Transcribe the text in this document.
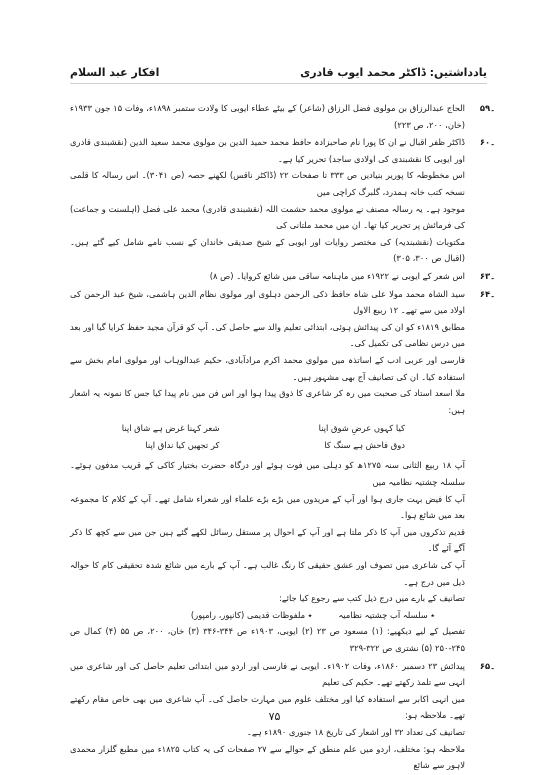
یادداشتیں: ڈاکٹر محمد ایوب قادری
افکار عبد السلام
۵۹۔

الحاج عبدالرزاق بن مولوی فضل الرزاق (شاعر) کے بیٹے عطاء ایوبی کا ولادت ستمبر ۱۸۹۸ء، وفات ۱۵ جون ۱۹۳۳ء (خان، ۲۰۰، ص ۲۲۳)

۶۰۔

ڈاکٹر ظفر اقبال نے ان کا پورا نام صاحبزادہ حافظ محمد حمید الدین بن مولوی محمد سعید الدین (نقشبندی قادری اور ایوبی کا نقشبندی کی اولادی ساجد) تحریر کیا ہے۔

اس مخطوطہ کا پوریر بنیادیں ص ۳۳۳ تا صفحات ۲۲ (ڈاکٹر ناقس) لکھنے حصہ (ص ۳۰۴۱)۔ اس رسالہ کا قلمی نسخہ کتب خانہ ہمدرد، گلبرگ کراچی میں

موجود ہے۔ یہ رسالہ مصنف نے مولوی محمد حشمت اللہ (نقشبندی قادری) محمد علی فضل (اہلسنت و جماعت) کی فرمائش پر تحریر کیا تھا۔ ان میں محمد ملتانی کی

مکتوبات (نقشبندیہ) کی مختصر روایات اور ایوبی کے شیخ صدیقی خاندان کے نسب نامے شامل کیے گئے ہیں۔ (اقبال ص ۳۰۰، ۳۰۵)

۶۳۔

اس شعر کے ایوبی نے ۱۹۲۲ء میں ماہنامہ ساقی میں شائع کروایا۔ (ص ۸)

۶۴۔

سید الشاہ محمد مولا علی شاہ حافظ ذکی الرحمن دہلوی اور مولوی نظام الدین ہاشمی، شیخ عبد الرحمن کی اولاد میں سے تھے۔ ۱۲ ربیع الاول

مطابق ۱۸۱۹ء کو ان کی پیدائش ہوئی، ابتدائی تعلیم والد سے حاصل کی۔ آپ کو قرآن مجید حفظ کرایا گیا اور بعد میں درس نظامی کی تکمیل کی۔

فارسی اور عربی ادب کے اساتذہ میں مولوی محمد اکرم مرادآبادی، حکیم عبدالوہاب اور مولوی امام بخش سے استفادہ کیا۔ ان کی تصانیف آج بھی مشہور ہیں۔

ملا اسعد استاد کی صحبت میں رہ کر شاعری کا ذوق پیدا ہوا اور اس فن میں نام پیدا کیا جس کا نمونہ یہ اشعار ہیں:

کیا کہوں عرضِ شوق اپنا
شعر کہنا غرض ہے شاق اپنا
دوق فاحش ہے سنگ کا
کر تجھیں کیا نداق اپنا

آپ ۱۸ ربیع الثانی سنہ ۱۲۷۵ھ کو دہلی میں فوت ہوئے اور درگاہ حضرت بختیار کاکی کے قریب مدفون ہوئے۔ سلسلہ چشتیہ نظامیہ میں

آپ کا فیض بہت جاری ہوا اور آپ کے مریدوں میں بڑے بڑے علماء اور شعراء شامل تھے۔ آپ کے کلام کا مجموعہ بعد میں شائع ہوا۔

قدیم تذکروں میں آپ کا ذکر ملتا ہے اور آپ کے احوال پر مستقل رسائل لکھے گئے ہیں جن میں سے کچھ کا ذکر آگے آئے گا۔

آپ کی شاعری میں تصوف اور عشق حقیقی کا رنگ غالب ہے۔ آپ کے بارے میں شائع شدہ تحقیقی کام کا حوالہ ذیل میں درج ہے۔

تصانیف کے بارے میں درج ذیل کتب سے رجوع کیا جائے:

٭ سلسلہ آب چشتیہ نظامیہ
٭ ملفوظات قدیمی (کانپور، رامپور)

تفصیل کے لیے دیکھیے: (۱) مسعود ص ۲۳ (۲) ایوبی، ۱۹۰۳ء ص ۳۴۴-۳۴۶ (۳) خان، ۲۰۰، ص ۵۵ (۴) کمال ص ۲۴۵-۲۵۰ (۵) نشتری ص ۳۲۲-۳۲۹

۶۵۔

پیدائش ۲۳ دسمبر ۱۸۶۰ء، وفات ۱۹۰۲ء۔ ایوبی نے فارسی اور اردو میں ابتدائی تعلیم حاصل کی اور شاعری میں انہی سے تلمذ رکھتے تھے۔ حکیم کی تعلیم

میں انہی اکابر سے استفادہ کیا اور مختلف علوم میں مہارت حاصل کی۔ آپ شاعری میں بھی خاص مقام رکھتے تھے۔ ملاحظہ ہو:

تصانیف کی تعداد ۳۲ اور اشعار کی تاریخ ۱۸ جنوری ۱۸۹۰ء ہے۔

ملاحظہ ہو: مختلف، اردو میں علم منطق کے حوالے سے ۲۷ صفحات کی یہ کتاب ۱۸۲۵ء میں مطبع گلزار محمدی لاہور سے شائع

۷۵
